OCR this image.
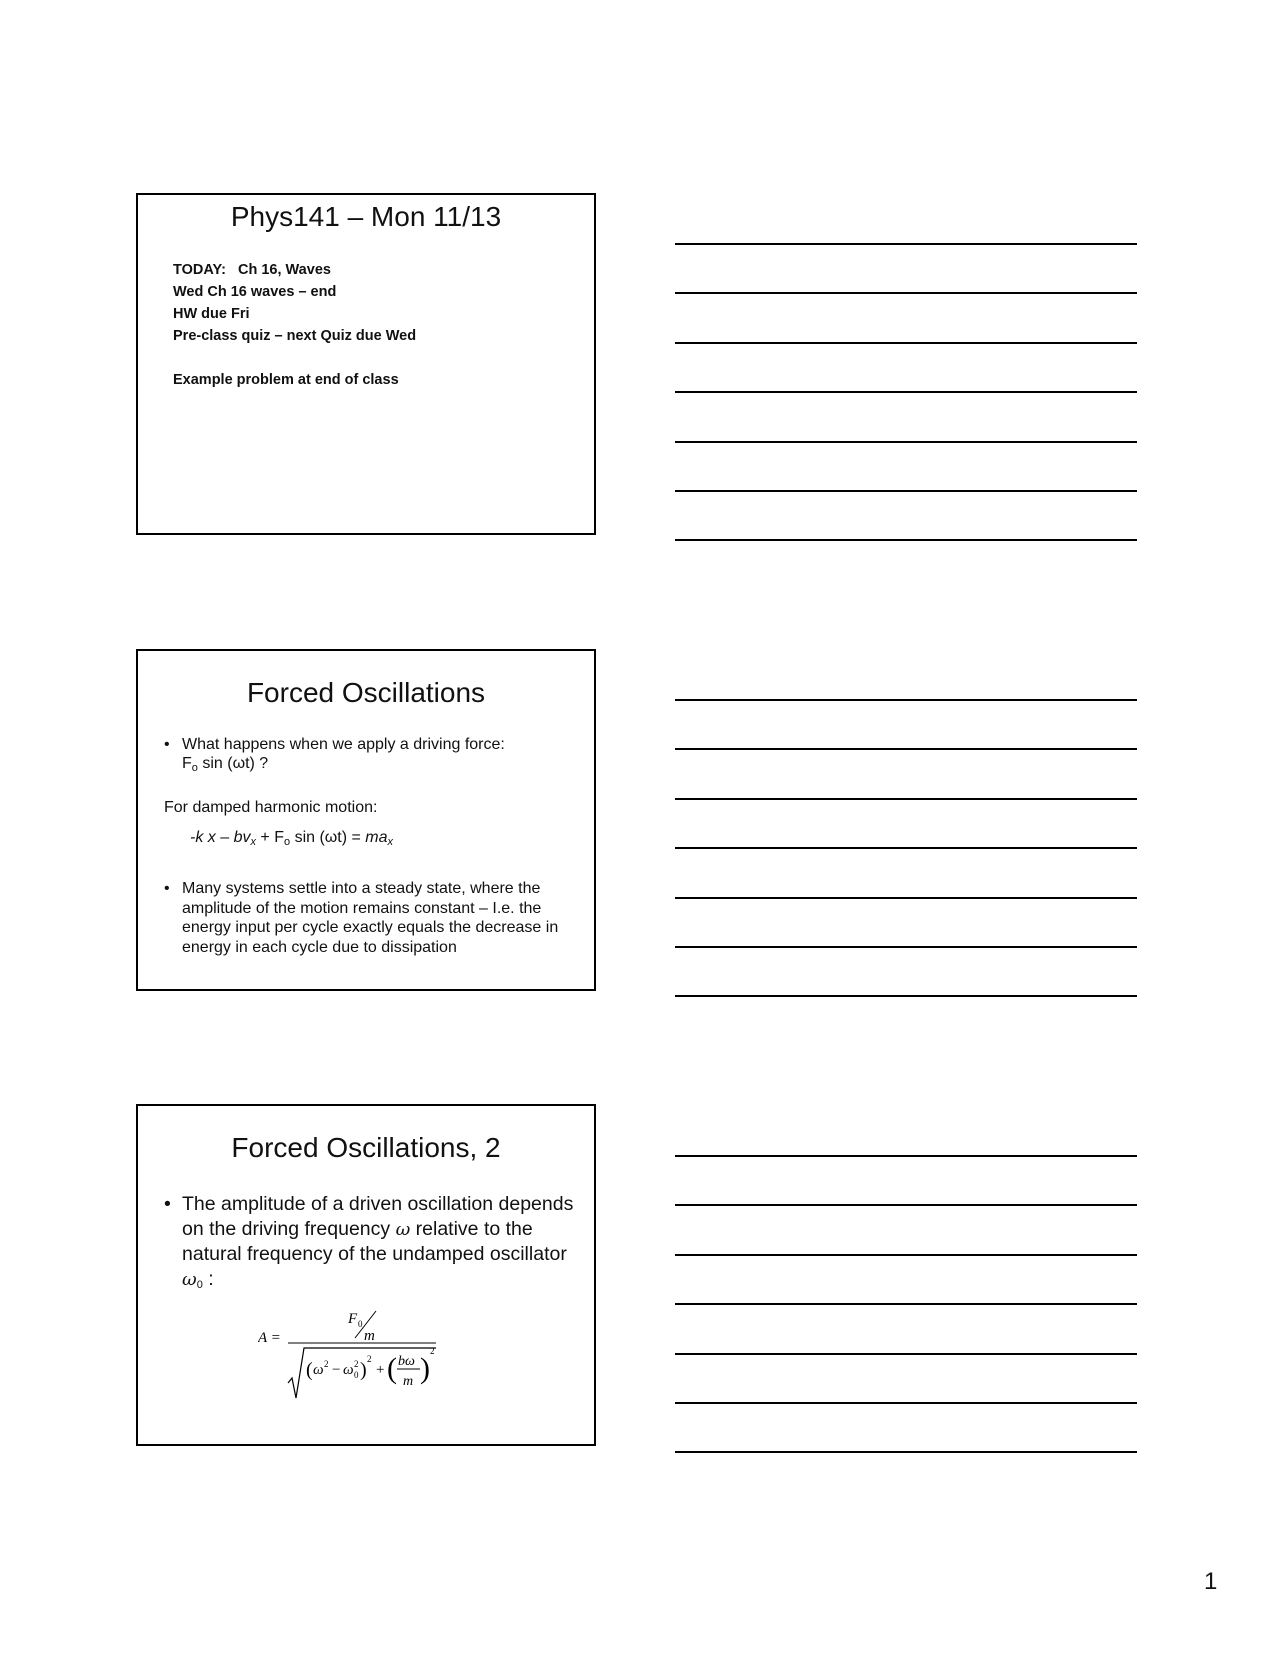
Phys141 – Mon 11/13
TODAY:   Ch 16, Waves
Wed Ch 16 waves – end
HW due Fri
Pre-class quiz – next Quiz due Wed
Example problem at end of class
Forced Oscillations
• What happens when we apply a driving force:
$F_o$ sin (ωt) ?
For damped harmonic motion:
-k $x - bv_x + F_o$ $\sin (\omega t) = ma_x$
• Many systems settle into a steady state, where the amplitude of the motion remains constant – I.e. the energy input per cycle exactly equals the decrease in energy in each cycle due to dissipation
Forced Oscillations, 2
• The amplitude of a driven oscillation depends on the driving frequency ω relative to the natural frequency of the undamped oscillator $\omega_0$ :
A =
F 0
m
( ω 2 − ω 2
0 ) 2
+ ( bω
m )
2
1
